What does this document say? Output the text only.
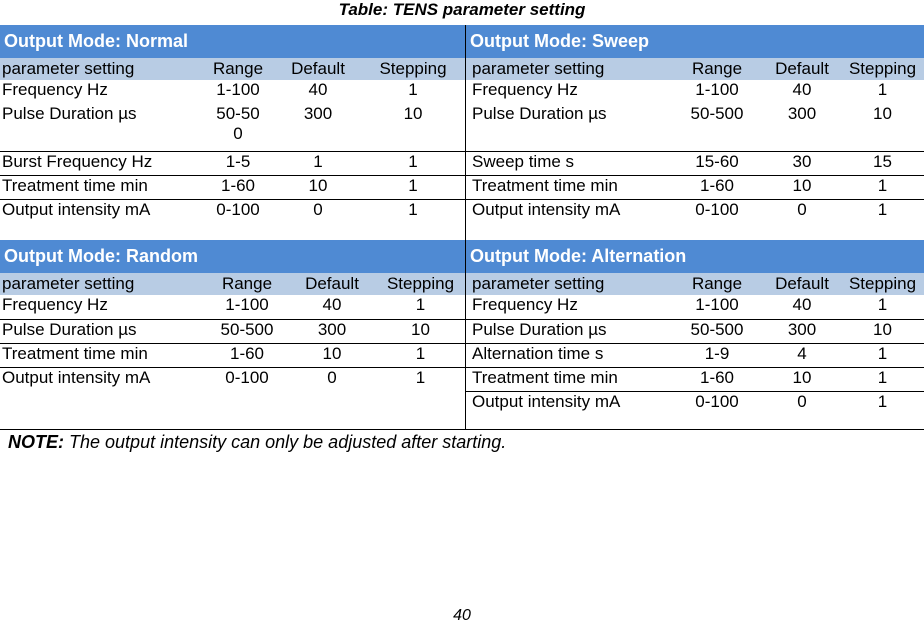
Table: TENS parameter setting
Output Mode: Normal			
parameter setting	Range	Default	Stepping
Frequency Hz	1-100	40	1
Pulse Duration µs	50-500	300	10
Burst Frequency Hz	1-5	1	1
Treatment time min	1-60	10	1
Output intensity mA	0-100	0	1
Output Mode: Sweep			
parameter setting	Range	Default	Stepping
Frequency Hz	1-100	40	1
Pulse Duration µs	50-500	300	10
Sweep time s	15-60	30	15
Treatment time min	1-60	10	1
Output intensity mA	0-100	0	1
Output Mode: Random			
parameter setting	Range	Default	Stepping
Frequency Hz	1-100	40	1
Pulse Duration µs	50-500	300	10
Treatment time min	1-60	10	1
Output intensity mA	0-100	0	1

Output Mode: Alternation			
parameter setting	Range	Default	Stepping
Frequency Hz	1-100	40	1
Pulse Duration µs	50-500	300	10
Alternation time s	1-9	4	1
Treatment time min	1-60	10	1
Output intensity mA	0-100	0	1
NOTE: The output intensity can only be adjusted after starting.
40
